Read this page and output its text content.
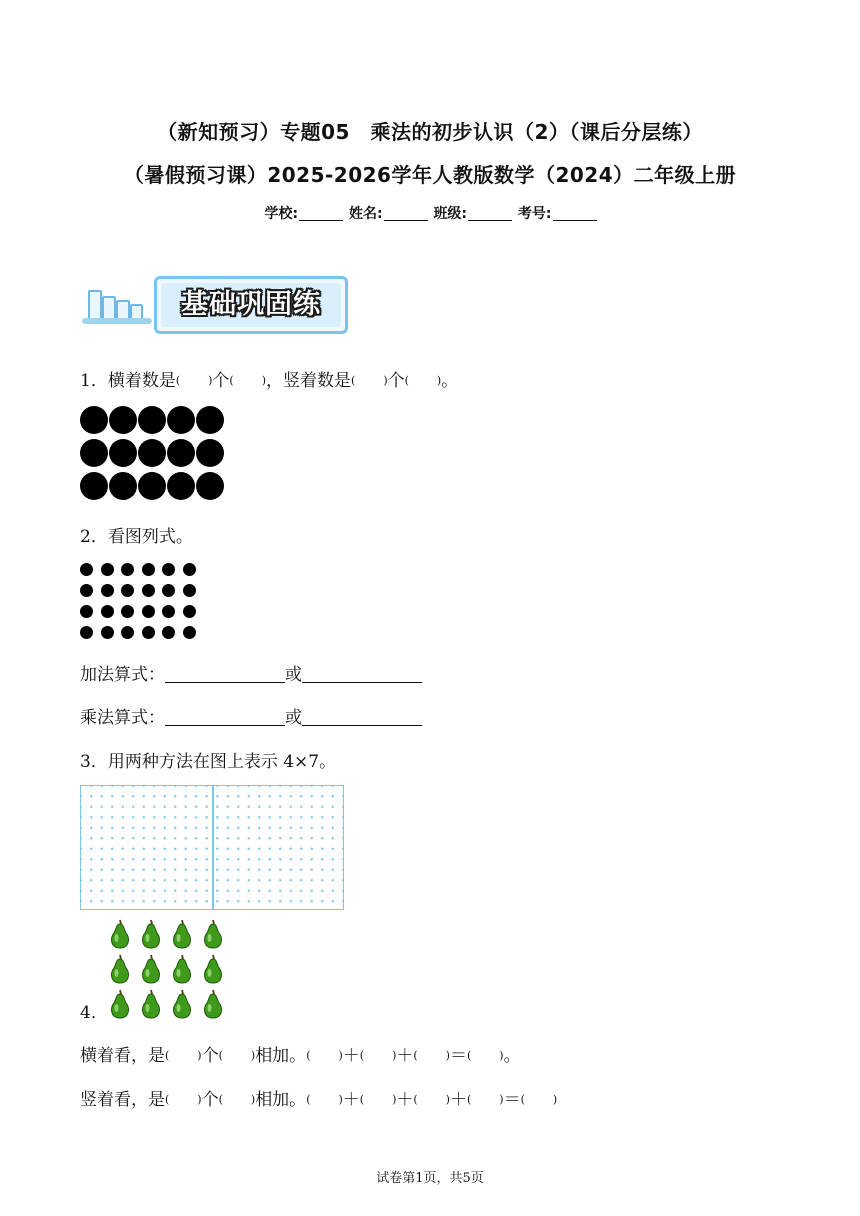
（新知预习）专题05　乘法的初步认识（2）（课后分层练）
（暑假预习课）2025-2026学年人教版数学（2024）二年级上册
学校:	姓名:	班级:	考号:
基础巩固练
1．横着数是(	)个(	)，竖着数是(	)个(	)。
2．看图列式。
加法算式：	或
乘法算式：	或
3．用两种方法在图上表示 4×7。
4．
横着看，是(	)个(	)相加。(	)＋(	)＋(	)＝(	)。
竖着看，是(	)个(	)相加。(	)＋(	)＋(	)＋(	)＝(	)
试卷第1页，共5页
